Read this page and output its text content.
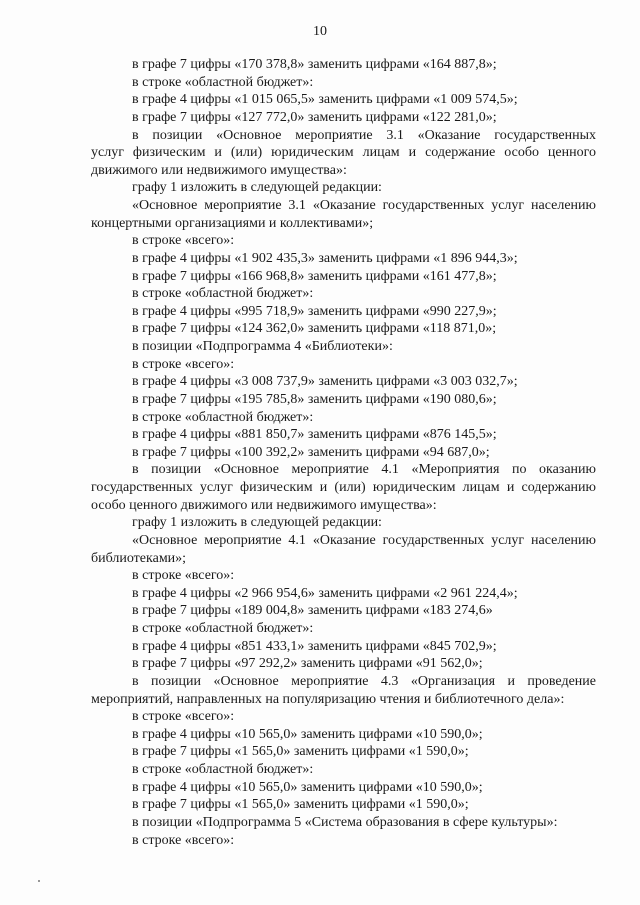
10
в графе 7 цифры «170 378,8» заменить цифрами «164 887,8»;
в строке «областной бюджет»:
в графе 4 цифры «1 015 065,5» заменить цифрами «1 009 574,5»;
в графе 7 цифры «127 772,0» заменить цифрами «122 281,0»;
в позиции «Основное мероприятие 3.1 «Оказание государственных
услуг физическим и (или) юридическим лицам и содержание особо ценного
движимого или недвижимого имущества»:
графу 1 изложить в следующей редакции:
«Основное мероприятие 3.1 «Оказание государственных услуг населению
концертными организациями и коллективами»;
в строке «всего»:
в графе 4 цифры «1 902 435,3» заменить цифрами «1 896 944,3»;
в графе 7 цифры «166 968,8» заменить цифрами «161 477,8»;
в строке «областной бюджет»:
в графе 4 цифры «995 718,9» заменить цифрами «990 227,9»;
в графе 7 цифры «124 362,0» заменить цифрами «118 871,0»;
в позиции «Подпрограмма 4 «Библиотеки»:
в строке «всего»:
в графе 4 цифры «3 008 737,9» заменить цифрами «3 003 032,7»;
в графе 7 цифры «195 785,8» заменить цифрами «190 080,6»;
в строке «областной бюджет»:
в графе 4 цифры «881 850,7» заменить цифрами «876 145,5»;
в графе 7 цифры «100 392,2» заменить цифрами «94 687,0»;
в позиции «Основное мероприятие 4.1 «Мероприятия по оказанию
государственных услуг физическим и (или) юридическим лицам и содержанию
особо ценного движимого или недвижимого имущества»:
графу 1 изложить в следующей редакции:
«Основное мероприятие 4.1 «Оказание государственных услуг населению
библиотеками»;
в строке «всего»:
в графе 4 цифры «2 966 954,6» заменить цифрами «2 961 224,4»;
в графе 7 цифры «189 004,8» заменить цифрами «183 274,6»
в строке «областной бюджет»:
в графе 4 цифры «851 433,1» заменить цифрами «845 702,9»;
в графе 7 цифры «97 292,2» заменить цифрами «91 562,0»;
в позиции «Основное мероприятие 4.3 «Организация и проведение
мероприятий, направленных на популяризацию чтения и библиотечного дела»:
в строке «всего»:
в графе 4 цифры «10 565,0» заменить цифрами «10 590,0»;
в графе 7 цифры «1 565,0» заменить цифрами «1 590,0»;
в строке «областной бюджет»:
в графе 4 цифры «10 565,0» заменить цифрами «10 590,0»;
в графе 7 цифры «1 565,0» заменить цифрами «1 590,0»;
в позиции «Подпрограмма 5 «Система образования в сфере культуры»:
в строке «всего»:
